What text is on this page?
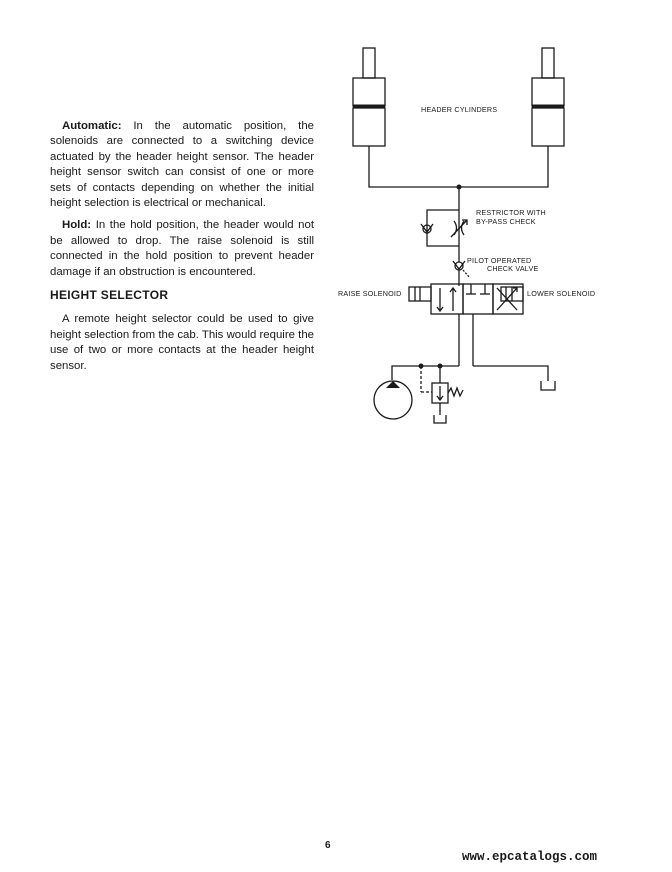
Automatic: In the automatic position, the solenoids are connected to a switching device actuated by the header height sensor. The header height sensor switch can consist of one or more sets of contacts depending on whether the initial height selection is electrical or mechanical.

Hold: In the hold position, the header would not be allowed to drop. The raise solenoid is still connected in the hold position to prevent header damage if an obstruction is encountered.

HEIGHT SELECTOR

A remote height selector could be used to give height selection from the cab. This would require the use of two or more contacts at the header height sensor.

HEADER CYLINDERS
RESTRICTOR WITH
BY-PASS CHECK
PILOT OPERATED
CHECK VALVE
RAISE SOLENOID	LOWER SOLENOID
6
www.epcatalogs.com
